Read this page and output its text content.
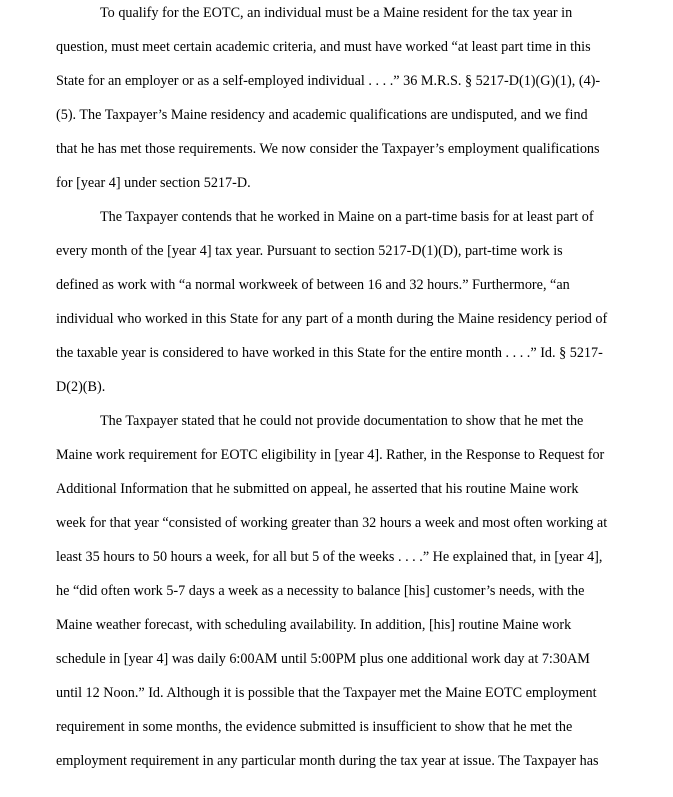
To qualify for the EOTC, an individual must be a Maine resident for the tax year in
question, must meet certain academic criteria, and must have worked “at least part time in this
State for an employer or as a self-employed individual . . . .” 36 M.R.S. § 5217-D(1)(G)(1), (4)-
(5). The Taxpayer’s Maine residency and academic qualifications are undisputed, and we find
that he has met those requirements. We now consider the Taxpayer’s employment qualifications
for [year 4] under section 5217-D.
The Taxpayer contends that he worked in Maine on a part-time basis for at least part of
every month of the [year 4] tax year. Pursuant to section 5217-D(1)(D), part-time work is
defined as work with “a normal workweek of between 16 and 32 hours.” Furthermore, “an
individual who worked in this State for any part of a month during the Maine residency period of
the taxable year is considered to have worked in this State for the entire month . . . .” Id. § 5217-
D(2)(B).
The Taxpayer stated that he could not provide documentation to show that he met the
Maine work requirement for EOTC eligibility in [year 4]. Rather, in the Response to Request for
Additional Information that he submitted on appeal, he asserted that his routine Maine work
week for that year “consisted of working greater than 32 hours a week and most often working at
least 35 hours to 50 hours a week, for all but 5 of the weeks . . . .” He explained that, in [year 4],
he “did often work 5-7 days a week as a necessity to balance [his] customer’s needs, with the
Maine weather forecast, with scheduling availability. In addition, [his] routine Maine work
schedule in [year 4] was daily 6:00AM until 5:00PM plus one additional work day at 7:30AM
until 12 Noon.” Id. Although it is possible that the Taxpayer met the Maine EOTC employment
requirement in some months, the evidence submitted is insufficient to show that he met the
employment requirement in any particular month during the tax year at issue. The Taxpayer has
